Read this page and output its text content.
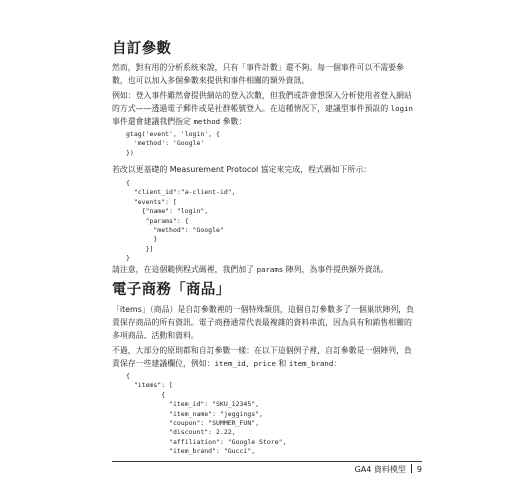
自訂參數

然而，對有用的分析系統來說，只有「事件計數」還不夠。每一個事件可以不需要參
數，也可以加入多個參數來提供和事件相關的額外資訊。

例如：登入事件雖然會提供網站的登入次數，但我們或許會想深入分析使用者登入網站
的方式——透過電子郵件或是社群帳號登入。在這種情況下，建議型事件預設的 login
事件還會建議我們指定 method 參數：

gtag('event', 'login', {
'method': 'Google'
})

若改以更基礎的 Measurement Protocol 協定來完成，程式碼如下所示：

{
"client_id":"a-client-id",
"events": [
{"name": "login",
"params": {
"method": "Google"
}
}]
}

請注意，在這個範例程式碼裡，我們加了 params 陣列，為事件提供額外資訊。

電子商務「商品」

「items」（商品）是自訂參數裡的一個特殊類別，這個自訂參數多了一個巢狀陣列，負
責保存商品的所有資訊。電子商務通常代表最複雜的資料串流，因為具有和銷售相關的
多項商品、活動和資料。

不過，大部分的原則都和自訂參數一樣：在以下這個例子裡，自訂參數是一個陣列，負
責保存一些建議欄位，例如：item_id、price 和 item_brand：

{
"items": [
{
"item_id": "SKU_12345",
"item_name": "jeggings",
"coupon": "SUMMER_FUN",
"discount": 2.22,
"affiliation": "Google Store",
"item_brand": "Gucci",
GA4 資料模型 9
